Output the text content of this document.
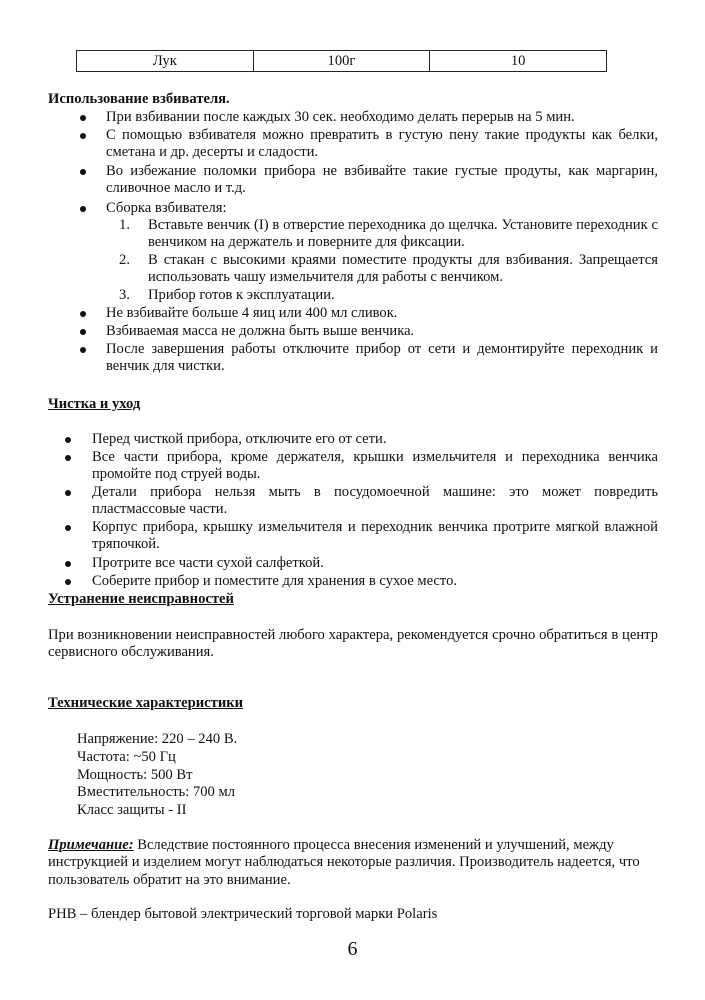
Лук	100г	10
Использование взбивателя.
При взбивании после каждых 30 сек. необходимо делать перерыв на 5 мин.
С помощью взбивателя можно превратить в густую пену такие продукты как белки, сметана и др. десерты и сладости.
Во избежание поломки прибора не взбивайте такие густые продуты, как маргарин, сливочное масло и т.д.
Сборка взбивателя:
1. Вставьте венчик (I) в отверстие переходника до щелчка. Установите переходник с венчиком на держатель и поверните для фиксации.
2. В стакан с высокими краями поместите продукты для взбивания. Запрещается использовать чашу измельчителя для работы с венчиком.
3. Прибор готов к эксплуатации.
Не взбивайте больше 4 яиц или 400 мл сливок.
Взбиваемая масса не должна быть выше венчика.
После завершения работы отключите прибор от сети и демонтируйте переходник и венчик для чистки.
Чистка и уход
Перед чисткой прибора, отключите его от сети.
Все части прибора, кроме держателя, крышки измельчителя и переходника венчика промойте под струей воды.
Детали прибора нельзя мыть в посудомоечной машине: это может повредить пластмассовые части.
Корпус прибора, крышку измельчителя и переходник венчика протрите мягкой влажной тряпочкой.
Протрите все части сухой салфеткой.
Соберите прибор и поместите для хранения в сухое место.
Устранение неисправностей
При возникновении неисправностей любого характера, рекомендуется срочно обратиться в центр сервисного обслуживания.
Технические характеристики
Напряжение: 220 – 240 В.
Частота: ~50 Гц
Мощность: 500 Вт
Вместительность: 700 мл
Класс защиты - II
Примечание: Вследствие постоянного процесса внесения изменений и улучшений, между инструкцией и изделием могут наблюдаться некоторые различия. Производитель надеется, что пользователь обратит на это внимание.
PHB – блендер бытовой электрический торговой марки Polaris
6
